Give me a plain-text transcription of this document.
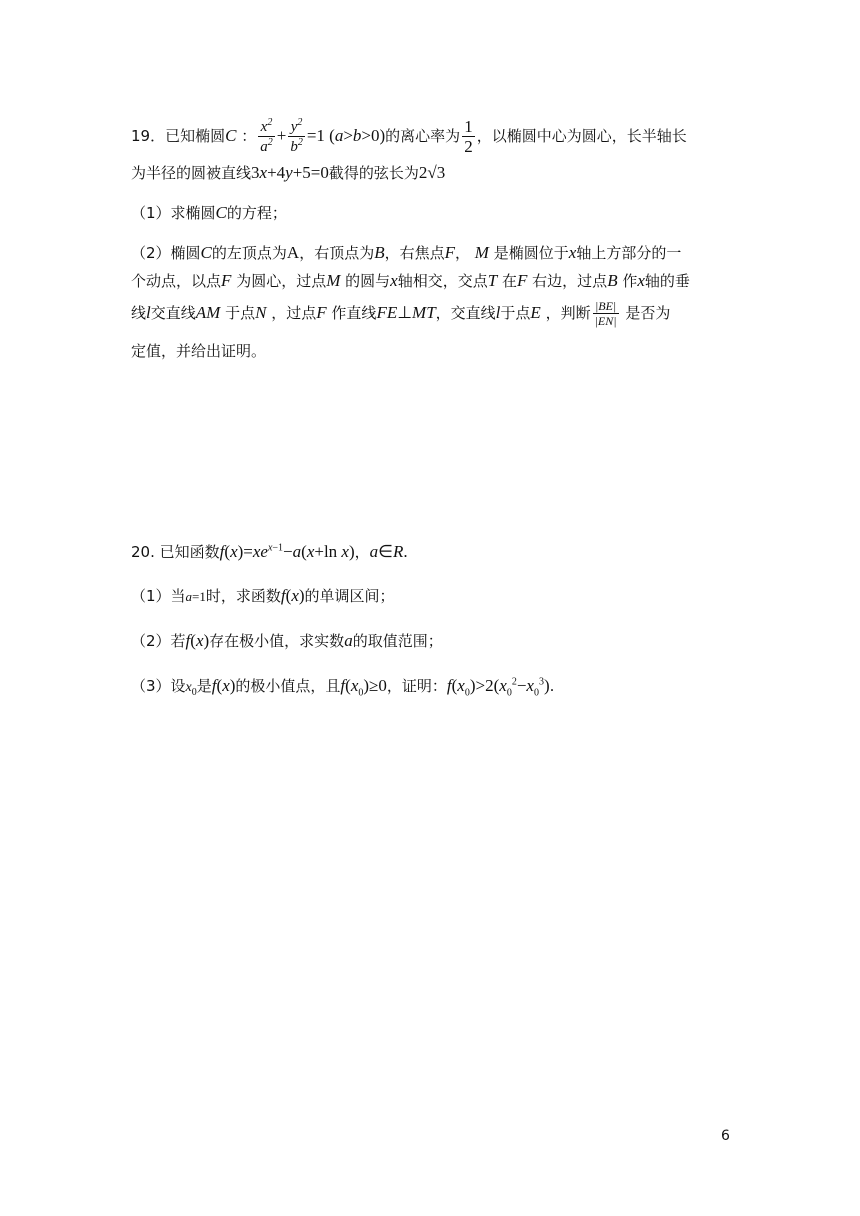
19．已知椭圆C ： $\frac{x^2}{a^2} + \frac{y^2}{b^2} =1$ (a>b>0)的离心率为 $\frac{1}{2}$ ，以椭圆中心为圆心，长半轴长
为半径的圆被直线3x+4y+5=0截得的弦长为2√3
（1）求椭圆C的方程；
（2）椭圆C的左顶点为A，右顶点为B，右焦点F， M 是椭圆位于x轴上方部分的一
个动点，以点F 为圆心，过点M 的圆与x轴相交，交点T 在F 右边，过点B 作x轴的垂
线l交直线AM 于点N ，过点F 作直线FE⊥MT，交直线l于点E ，判断 $\frac{|BE|}{|EN|}$ 是否为
定值，并给出证明。
20. 已知函数$f(x)=xe^{x-1}-a(x+\ln$ x)，a∈R.
（1）当a=1时，求函数f(x)的单调区间；
（2）若f(x)存在极小值，求实数a的取值范围；
（3）设$x_0$是f(x)的极小值点，且$f(x_0)\ge 0$，证明：$f(x_0)>2(x_0^2-x_0^3)$.
6
